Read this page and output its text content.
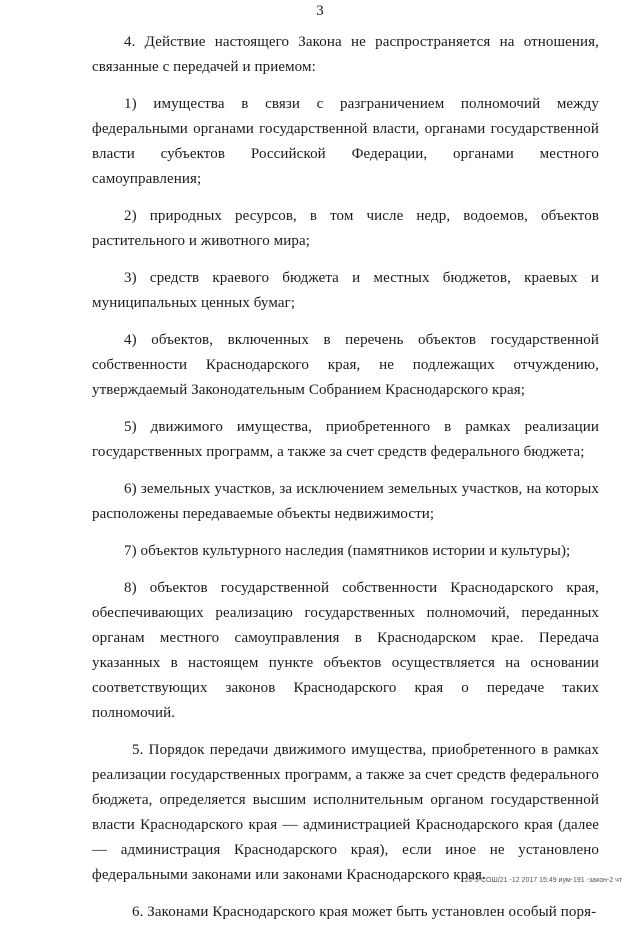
3

4. Действие настоящего Закона не распространяется на отношения, связанные с передачей и приемом:

1) имущества в связи с разграничением полномочий между федеральными органами государственной власти, органами государственной власти субъектов Российской Федерации, органами местного самоуправления;

2) природных ресурсов, в том числе недр, водоемов, объектов растительного и животного мира;

3) средств краевого бюджета и местных бюджетов, краевых и муниципальных ценных бумаг;

4) объектов, включенных в перечень объектов государственной собственности Краснодарского края, не подлежащих отчуждению, утверждаемый Законодательным Собранием Краснодарского края;

5) движимого имущества, приобретенного в рамках реализации государственных программ, а также за счет средств федерального бюджета;

6) земельных участков, за исключением земельных участков, на которых расположены передаваемые объекты недвижимости;

7) объектов культурного наследия (памятников истории и культуры);

8) объектов государственной собственности Краснодарского края, обеспечивающих реализацию государственных полномочий, переданных органам местного самоуправления в Краснодарском крае. Передача указанных в настоящем пункте объектов осуществляется на основании соответствующих законов Краснодарского края о передаче таких полномочий.

5. Порядок передачи движимого имущества, приобретенного в рамках реализации государственных программ, а также за счет средств федерального бюджета, определяется высшим исполнительным органом государственной власти Краснодарского края — администрацией Краснодарского края (далее — администрация Краснодарского края), если иное не установлено федеральными законами или законами Краснодарского края.

6. Законами Краснодарского края может быть установлен особый поря-

20-3-СОШ/21 -12 2017 15:49 иум-191 -закон-2 чт
